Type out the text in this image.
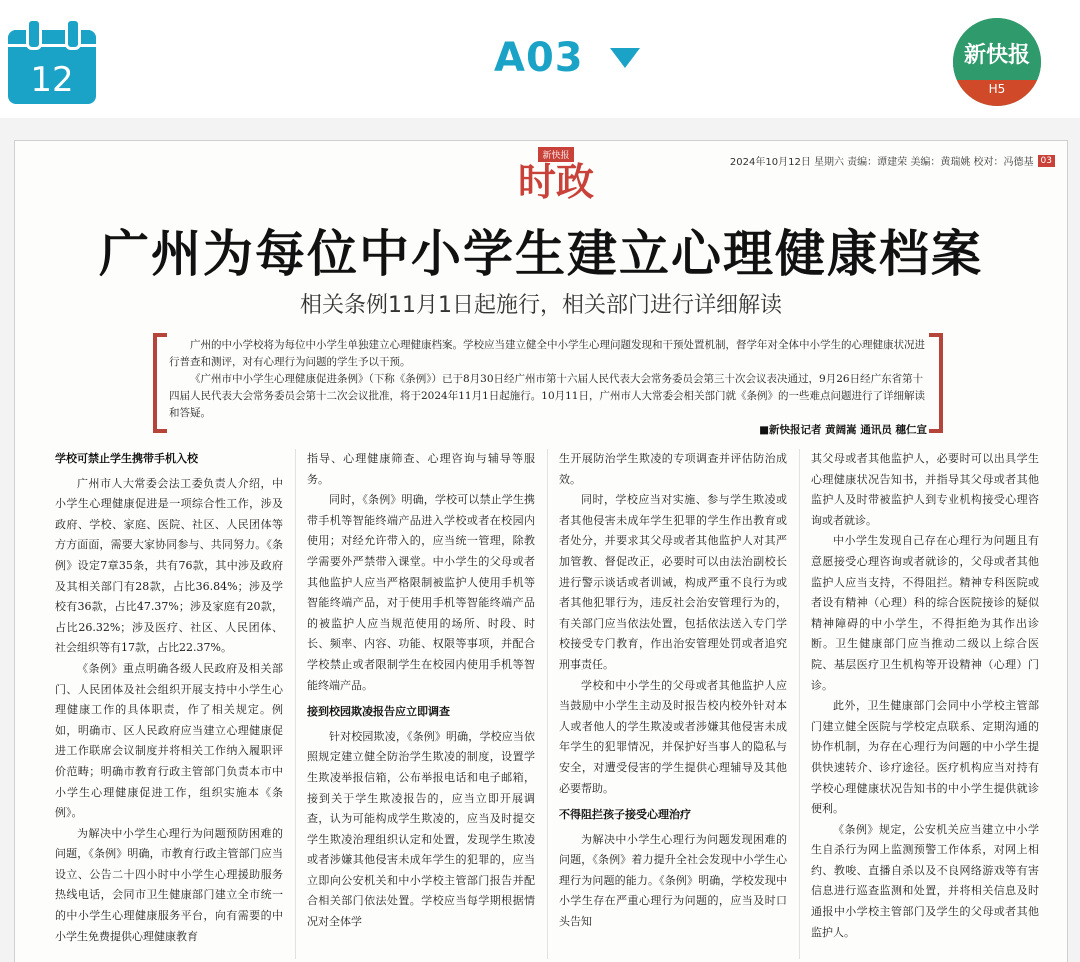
12	A03	新快报
H5
新快报
时政	2024年10月12日 星期六 责编：谭建荣 美编：黄瑞姚 校对：冯德基 03
广州为每位中小学生建立心理健康档案
相关条例11月1日起施行，相关部门进行详细解读

广州的中小学校将为每位中小学生单独建立心理健康档案。学校应当建立健全中小学生心理问题发现和干预处置机制，督学年对全体中小学生的心理健康状况进行普查和测评，对有心理行为问题的学生予以干预。

《广州市中小学生心理健康促进条例》（下称《条例》）已于8月30日经广州市第十六届人民代表大会常务委员会第三十次会议表决通过，9月26日经广东省第十四届人民代表大会常务委员会第十二次会议批准，将于2024年11月1日起施行。10月11日，广州市人大常委会相关部门就《条例》的一些难点问题进行了详细解读和答疑。

■新快报记者 黄阔嵩 通讯员 穗仁宣

学校可禁止学生携带手机入校

广州市人大常委会法工委负责人介绍，中小学生心理健康促进是一项综合性工作，涉及政府、学校、家庭、医院、社区、人民团体等方方面面，需要大家协同参与、共同努力。《条例》设定7章35条，共有76款，其中涉及政府及其相关部门有28款，占比36.84%；涉及学校有36款，占比47.37%；涉及家庭有20款，占比26.32%；涉及医疗、社区、人民团体、社会组织等有17款，占比22.37%。

《条例》重点明确各级人民政府及相关部门、人民团体及社会组织开展支持中小学生心理健康工作的具体职责，作了相关规定。例如，明确市、区人民政府应当建立心理健康促进工作联席会议制度并将相关工作纳入履职评价范畴；明确市教育行政主管部门负责本市中小学生心理健康促进工作，组织实施本《条例》。

为解决中小学生心理行为问题预防困难的问题，《条例》明确，市教育行政主管部门应当设立、公告二十四小时中小学生心理援助服务热线电话，会同市卫生健康部门建立全市统一的中小学生心理健康服务平台，向有需要的中小学生免费提供心理健康教育

指导、心理健康筛查、心理咨询与辅导等服务。

同时，《条例》明确，学校可以禁止学生携带手机等智能终端产品进入学校或者在校园内使用；对经允许带入的，应当统一管理，除教学需要外严禁带入课堂。中小学生的父母或者其他监护人应当严格限制被监护人使用手机等智能终端产品，对于使用手机等智能终端产品的被监护人应当规范使用的场所、时段、时长、频率、内容、功能、权限等事项，并配合学校禁止或者限制学生在校园内使用手机等智能终端产品。

接到校园欺凌报告应立即调查

针对校园欺凌，《条例》明确，学校应当依照规定建立健全防治学生欺凌的制度，设置学生欺凌举报信箱，公布举报电话和电子邮箱，接到关于学生欺凌报告的，应当立即开展调查，认为可能构成学生欺凌的，应当及时提交学生欺凌治理组织认定和处置，发现学生欺凌或者涉嫌其他侵害未成年学生的犯罪的，应当立即向公安机关和中小学校主管部门报告并配合相关部门依法处置。学校应当每学期根据情况对全体学

生开展防治学生欺凌的专项调查并评估防治成效。

同时，学校应当对实施、参与学生欺凌或者其他侵害未成年学生犯罪的学生作出教育或者处分，并要求其父母或者其他监护人对其严加管教、督促改正，必要时可以由法治副校长进行警示谈话或者训诫，构成严重不良行为或者其他犯罪行为，违反社会治安管理行为的，有关部门应当依法处置，包括依法送入专门学校接受专门教育，作出治安管理处罚或者追究刑事责任。

学校和中小学生的父母或者其他监护人应当鼓励中小学生主动及时报告校内校外针对本人或者他人的学生欺凌或者涉嫌其他侵害未成年学生的犯罪情况，并保护好当事人的隐私与安全，对遭受侵害的学生提供心理辅导及其他必要帮助。

不得阻拦孩子接受心理治疗

为解决中小学生心理行为问题发现困难的问题，《条例》着力提升全社会发现中小学生心理行为问题的能力。《条例》明确，学校发现中小学生存在严重心理行为问题的，应当及时口头告知

其父母或者其他监护人，必要时可以出具学生心理健康状况告知书，并指导其父母或者其他监护人及时带被监护人到专业机构接受心理咨询或者就诊。

中小学生发现自己存在心理行为问题且有意愿接受心理咨询或者就诊的，父母或者其他监护人应当支持，不得阻拦。精神专科医院或者设有精神（心理）科的综合医院接诊的疑似精神障碍的中小学生，不得拒绝为其作出诊断。卫生健康部门应当推动二级以上综合医院、基层医疗卫生机构等开设精神（心理）门诊。

此外，卫生健康部门会同中小学校主管部门建立健全医院与学校定点联系、定期沟通的协作机制，为存在心理行为问题的中小学生提供快速转介、诊疗途径。医疗机构应当对持有学校心理健康状况告知书的中小学生提供就诊便利。

《条例》规定，公安机关应当建立中小学生自杀行为网上监测预警工作体系，对网上相约、教唆、直播自杀以及不良网络游戏等有害信息进行巡查监测和处置，并将相关信息及时通报中小学校主管部门及学生的父母或者其他监护人。
